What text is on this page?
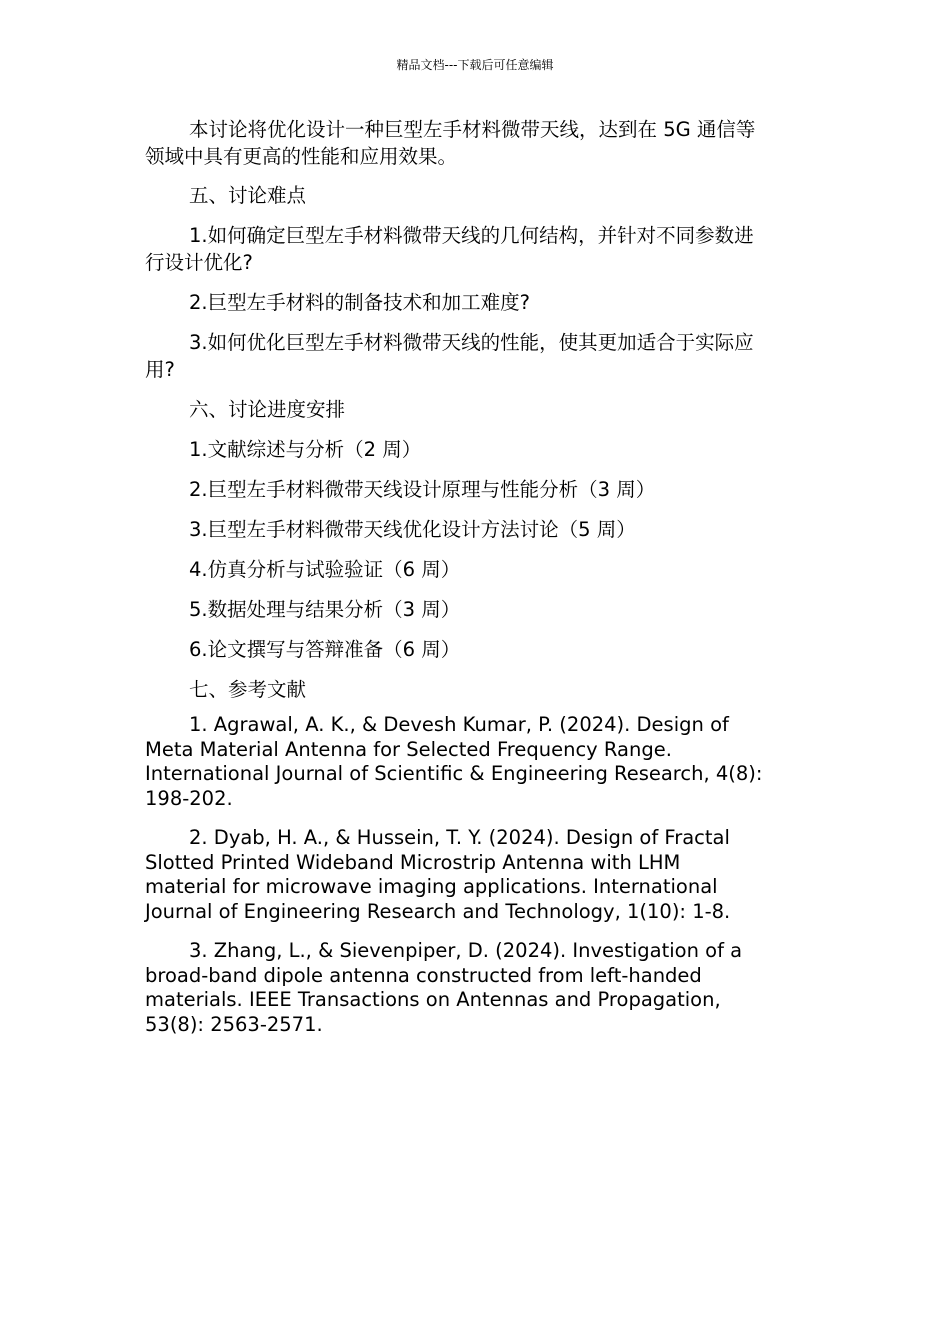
精品文档---下载后可任意编辑

本讨论将优化设计一种巨型左手材料微带天线，达到在 5G 通信等
领域中具有更高的性能和应用效果。

五、讨论难点

1.如何确定巨型左手材料微带天线的几何结构，并针对不同参数进
行设计优化?

2.巨型左手材料的制备技术和加工难度?

3.如何优化巨型左手材料微带天线的性能，使其更加适合于实际应
用?

六、讨论进度安排

1.文献综述与分析（2 周）

2.巨型左手材料微带天线设计原理与性能分析（3 周）

3.巨型左手材料微带天线优化设计方法讨论（5 周）

4.仿真分析与试验验证（6 周）

5.数据处理与结果分析（3 周）

6.论文撰写与答辩准备（6 周）

七、参考文献

1. Agrawal, A. K., & Devesh Kumar, P. (2024). Design of
Meta Material Antenna for Selected Frequency Range.
International Journal of Scientific & Engineering Research, 4(8):
198-202.

2. Dyab, H. A., & Hussein, T. Y. (2024). Design of Fractal
Slotted Printed Wideband Microstrip Antenna with LHM
material for microwave imaging applications. International
Journal of Engineering Research and Technology, 1(10): 1-8.

3. Zhang, L., & Sievenpiper, D. (2024). Investigation of a
broad-band dipole antenna constructed from left-handed
materials. IEEE Transactions on Antennas and Propagation,
53(8): 2563-2571.
